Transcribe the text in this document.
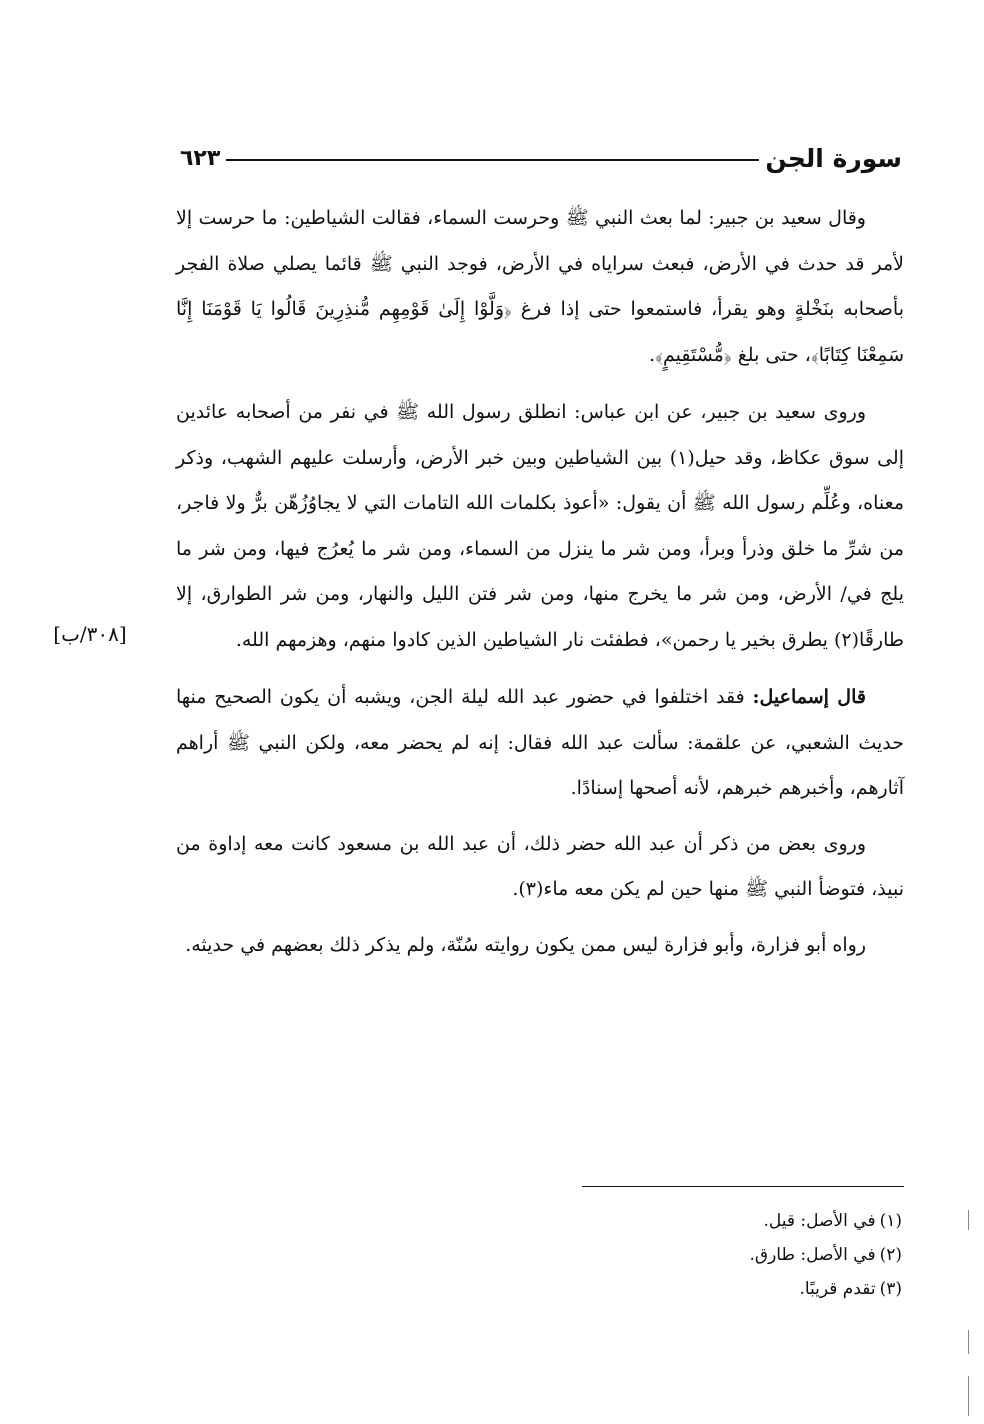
سورة الجن
٦٢٣
[٣٠٨/ب]

وقال سعيد بن جبير: لما بعث النبي ﷺ وحرست السماء، فقالت الشياطين: ما حرست إلا لأمر قد حدث في الأرض، فبعث سراياه في الأرض، فوجد النبي ﷺ قائما يصلي صلاة الفجر بأصحابه بنَخْلةٍ وهو يقرأ، فاستمعوا حتى إذا فرغ ﴿وَلَّوْا إِلَىٰ قَوْمِهِم مُّنذِرِينَ قَالُوا يَا قَوْمَنَا إِنَّا سَمِعْنَا كِتَابًا﴾، حتى بلغ ﴿مُّسْتَقِيمٍ﴾.

وروى سعيد بن جبير، عن ابن عباس: انطلق رسول الله ﷺ في نفر من أصحابه عائدين إلى سوق عكاظ، وقد حيل(١) بين الشياطين وبين خبر الأرض، وأرسلت عليهم الشهب، وذكر معناه، وعُلِّم رسول الله ﷺ أن يقول: «أعوذ بكلمات الله التامات التي لا يجاوُزُهّن برٌّ ولا فاجر، من شرِّ ما خلق وذرأ وبرأ، ومن شر ما ينزل من السماء، ومن شر ما يُعرُج فيها، ومن شر ما يلج في/ الأرض، ومن شر ما يخرج منها، ومن شر فتن الليل والنهار، ومن شر الطوارق، إلا طارقًا(٢) يطرق بخير يا رحمن»، فطفئت نار الشياطين الذين كادوا منهم، وهزمهم الله.

قال إسماعيل: فقد اختلفوا في حضور عبد الله ليلة الجن، ويشبه أن يكون الصحيح منها حديث الشعبي، عن علقمة: سألت عبد الله فقال: إنه لم يحضر معه، ولكن النبي ﷺ أراهم آثارهم، وأخبرهم خبرهم، لأنه أصحها إسنادًا.

وروى بعض من ذكر أن عبد الله حضر ذلك، أن عبد الله بن مسعود كانت معه إداوة من نبيذ، فتوضأ النبي ﷺ منها حين لم يكن معه ماء(٣).

رواه أبو فزارة، وأبو فزارة ليس ممن يكون روايته سُنّة، ولم يذكر ذلك بعضهم في حديثه.

(١)
في الأصل: قيل.
(٢)
في الأصل: طارق.
(٣)
تقدم قريبًا.
